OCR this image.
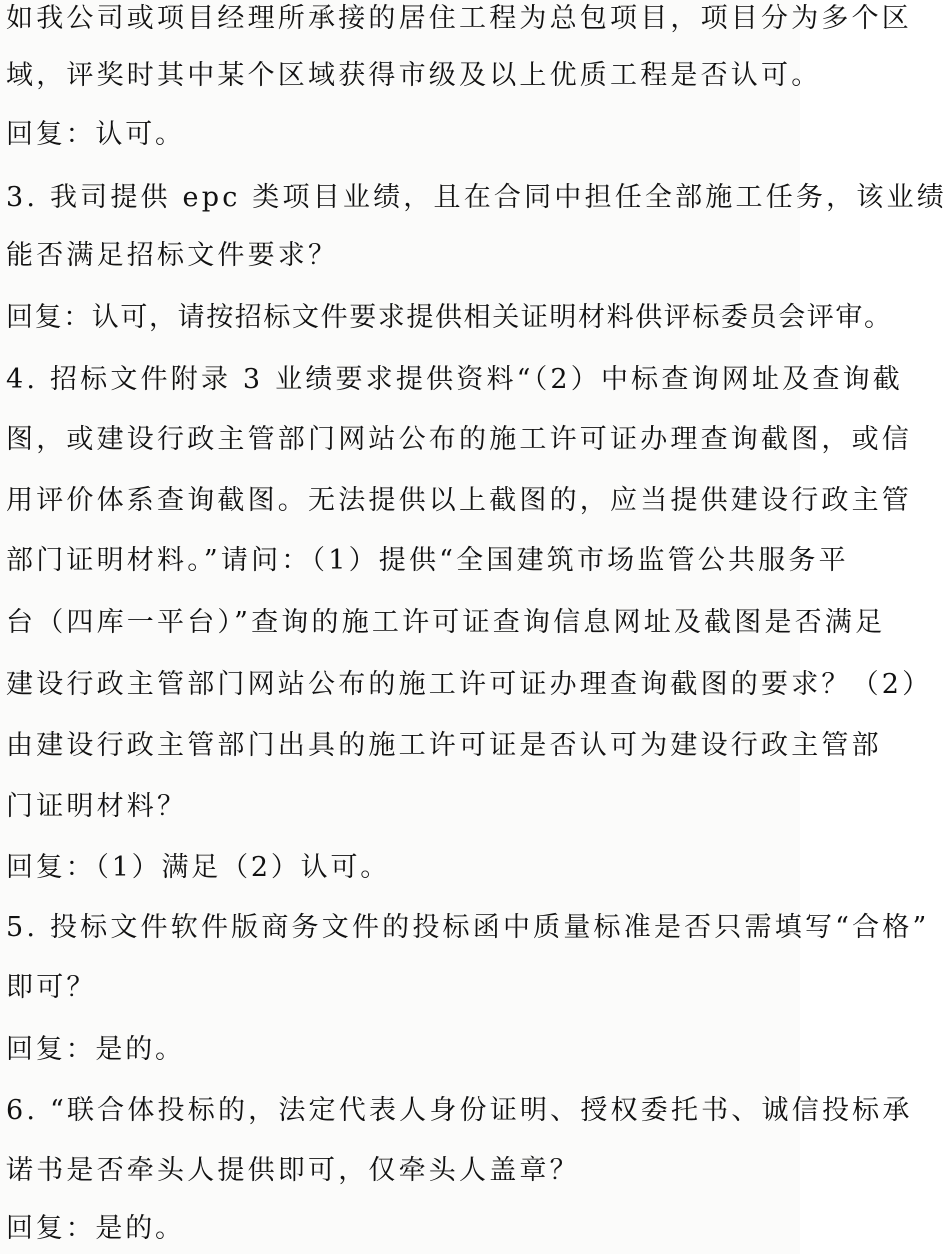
如我公司或项目经理所承接的居住工程为总包项目，项目分为多个区
域，评奖时其中某个区域获得市级及以上优质工程是否认可。
回复：认可。
3. 我司提供 epc 类项目业绩，且在合同中担任全部施工任务，该业绩
能否满足招标文件要求？
回复：认可，请按招标文件要求提供相关证明材料供评标委员会评审。
4. 招标文件附录 3 业绩要求提供资料“（2）中标查询网址及查询截
图，或建设行政主管部门网站公布的施工许可证办理查询截图，或信
用评价体系查询截图。无法提供以上截图的，应当提供建设行政主管
部门证明材料。”请问：（1）提供“全国建筑市场监管公共服务平
台（四库一平台）”查询的施工许可证查询信息网址及截图是否满足
建设行政主管部门网站公布的施工许可证办理查询截图的要求？（2）
由建设行政主管部门出具的施工许可证是否认可为建设行政主管部
门证明材料？
回复：（1）满足（2）认可。
5. 投标文件软件版商务文件的投标函中质量标准是否只需填写“合格”
即可？
回复：是的。
6. “联合体投标的，法定代表人身份证明、授权委托书、诚信投标承
诺书是否牵头人提供即可，仅牵头人盖章？
回复：是的。
